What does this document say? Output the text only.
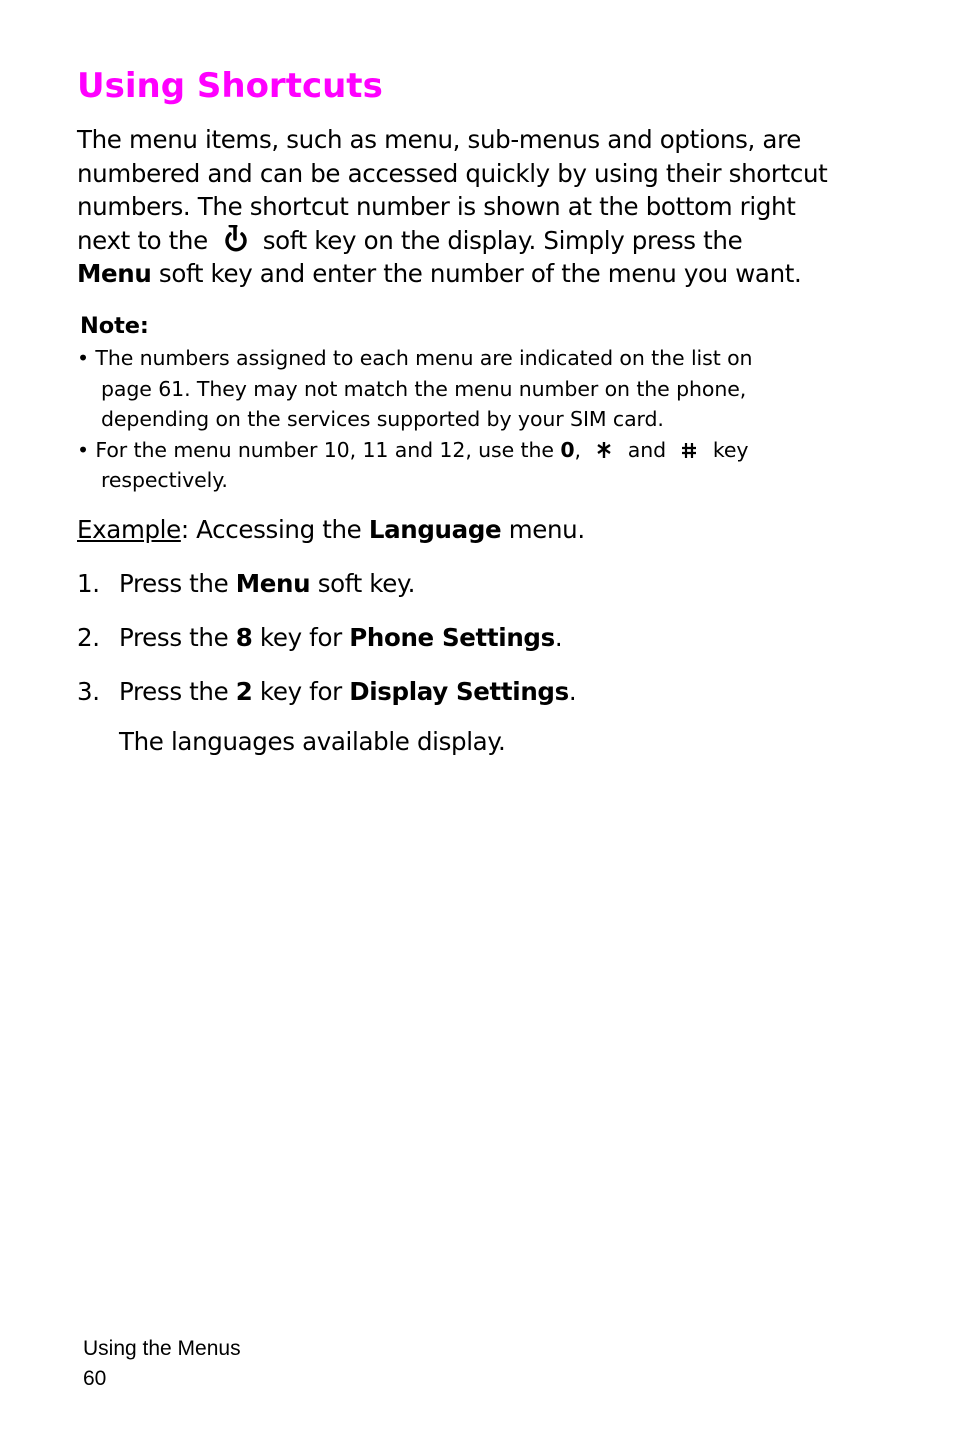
Using Shortcuts

The menu items, such as menu, sub-menus and options, are
numbered and can be accessed quickly by using their shortcut
numbers. The shortcut number is shown at the bottom right
next to the soft key on the display. Simply press the
Menu soft key and enter the number of the menu you want.

Note:
• The numbers assigned to each menu are indicated on the list on
page 61. They may not match the menu number on the phone,
depending on the services supported by your SIM card.
• For the menu number 10, 11 and 12, use the 0, and key
respectively.

Example: Accessing the Language menu.

1. Press the Menu soft key.
2. Press the 8 key for Phone Settings.
3. Press the 2 key for Display Settings.
The languages available display.
Using the Menus
60
